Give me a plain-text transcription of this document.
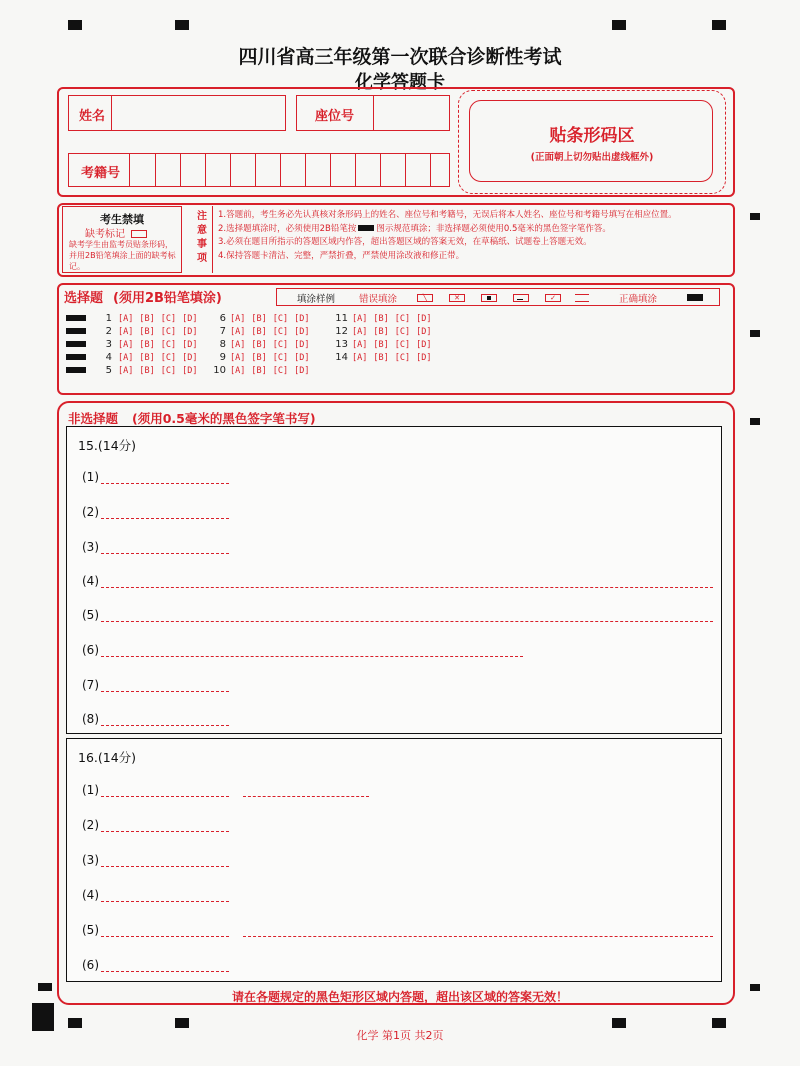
四川省高三年级第一次联合诊断性考试
化学答题卡
姓名	座位号
考籍号
贴条形码区
(正面朝上切勿贴出虚线框外)
考生禁填
缺考标记
缺考学生由监考员贴条形码，并用2B铅笔填涂上面的缺考标记。
注
意
事
项
1.答题前，考生务必先认真核对条形码上的姓名、座位号和考籍号，无误后将本人姓名、座位号和考籍号填写在相应位置。
2.选择题填涂时，必须使用2B铅笔按 图示规范填涂；非选择题必须使用0.5毫米的黑色签字笔作答。
3.必须在题目所指示的答题区域内作答，超出答题区域的答案无效，在草稿纸、试题卷上答题无效。
4.保持答题卡清洁、完整，严禁折叠，严禁使用涂改液和修正带。
选择题 (须用2B铅笔填涂)	填涂样例	错误填涂	╲	✕	✓	正确填涂
1 [A] [B] [C] [D]
2 [A] [B] [C] [D]
3 [A] [B] [C] [D]
4 [A] [B] [C] [D]
5 [A] [B] [C] [D]
6 [A] [B] [C] [D]
7 [A] [B] [C] [D]
8 [A] [B] [C] [D]
9 [A] [B] [C] [D]
10 [A] [B] [C] [D]
11 [A] [B] [C] [D]
12 [A] [B] [C] [D]
13 [A] [B] [C] [D]
14 [A] [B] [C] [D]
非选择题 (须用0.5毫米的黑色签字笔书写)
15.(14分)
(1)
(2)
(3)
(4)
(5)
(6)
(7)
(8)
16.(14分)
(1)
(2)
(3)
(4)
(5)
(6)
请在各题规定的黑色矩形区域内答题，超出该区域的答案无效！
化学 第1页 共2页
